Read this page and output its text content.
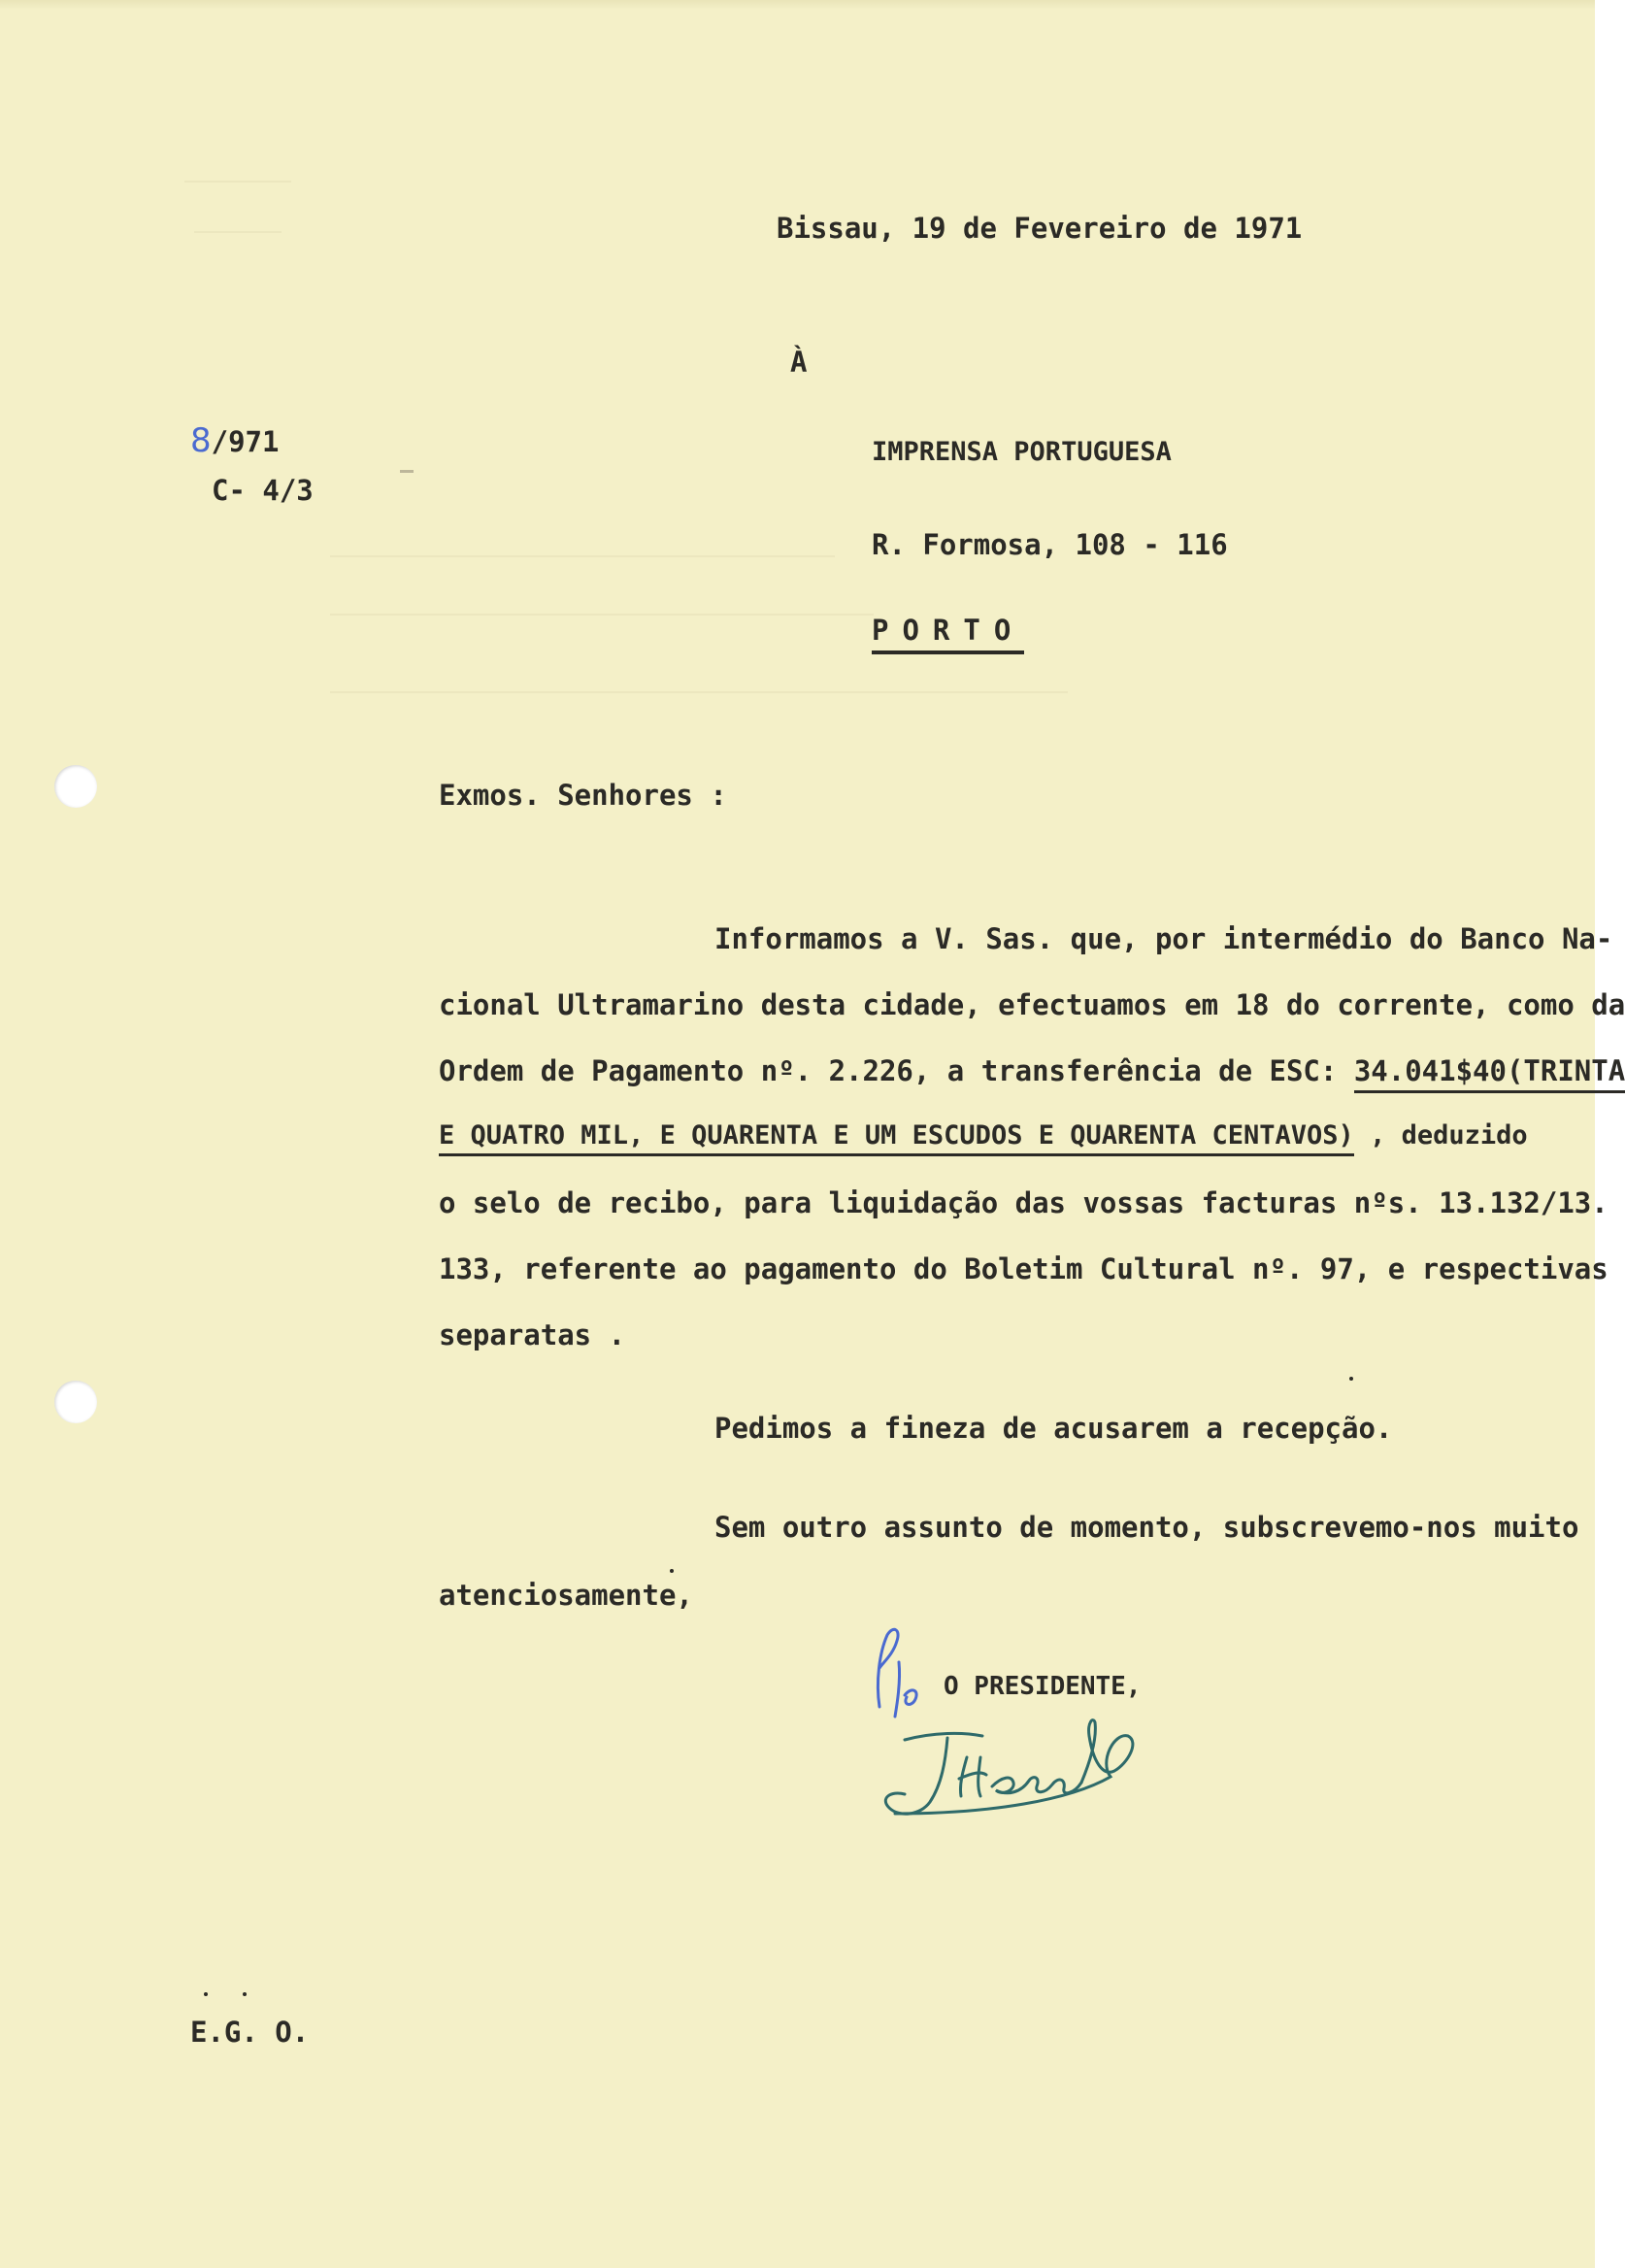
Bissau, 19 de Fevereiro de 1971
À
8/971
C- 4/3
IMPRENSA PORTUGUESA
R. Formosa, 108 - 116
PORTO
Exmos. Senhores :
Informamos a V. Sas. que, por intermédio do Banco Na-
cional Ultramarino desta cidade, efectuamos em 18 do corrente, como da
Ordem de Pagamento nº. 2.226, a transferência de ESC: 34.041$40(TRINTA
E QUATRO MIL, E QUARENTA E UM ESCUDOS E QUARENTA CENTAVOS) , deduzido
o selo de recibo, para liquidação das vossas facturas nºs. 13.132/13.
133, referente ao pagamento do Boletim Cultural nº. 97, e respectivas
separatas .
Pedimos a fineza de acusarem a recepção.
Sem outro assunto de momento, subscrevemo-nos muito
atenciosamente,
O PRESIDENTE,
E.G. O.
